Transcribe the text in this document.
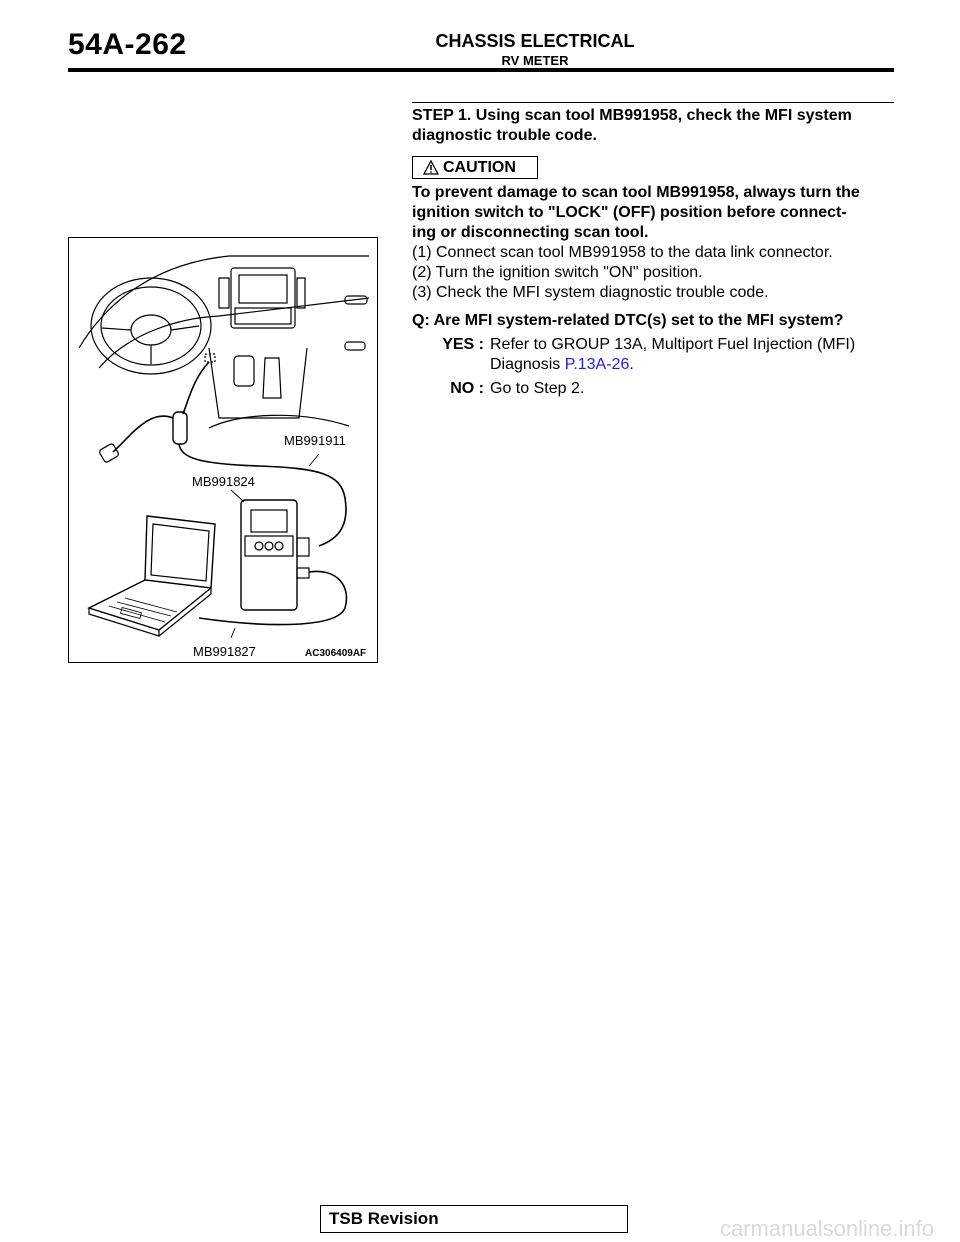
54A-262	CHASSIS ELECTRICAL
RV METER
MB991911
MB991824
MB991827	AC306409AF
STEP 1. Using scan tool MB991958, check the MFI system
diagnostic trouble code.
CAUTION
To prevent damage to scan tool MB991958, always turn the
ignition switch to "LOCK" (OFF) position before connect-
ing or disconnecting scan tool.

(1) Connect scan tool MB991958 to the data link connector.

(2) Turn the ignition switch "ON" position.

(3) Check the MFI system diagnostic trouble code.

Q: Are MFI system-related DTC(s) set to the MFI system?
YES : Refer to GROUP 13A, Multiport Fuel Injection (MFI)
Diagnosis P.13A-26.
NO : Go to Step 2.
TSB Revision	carmanualsonline.info
